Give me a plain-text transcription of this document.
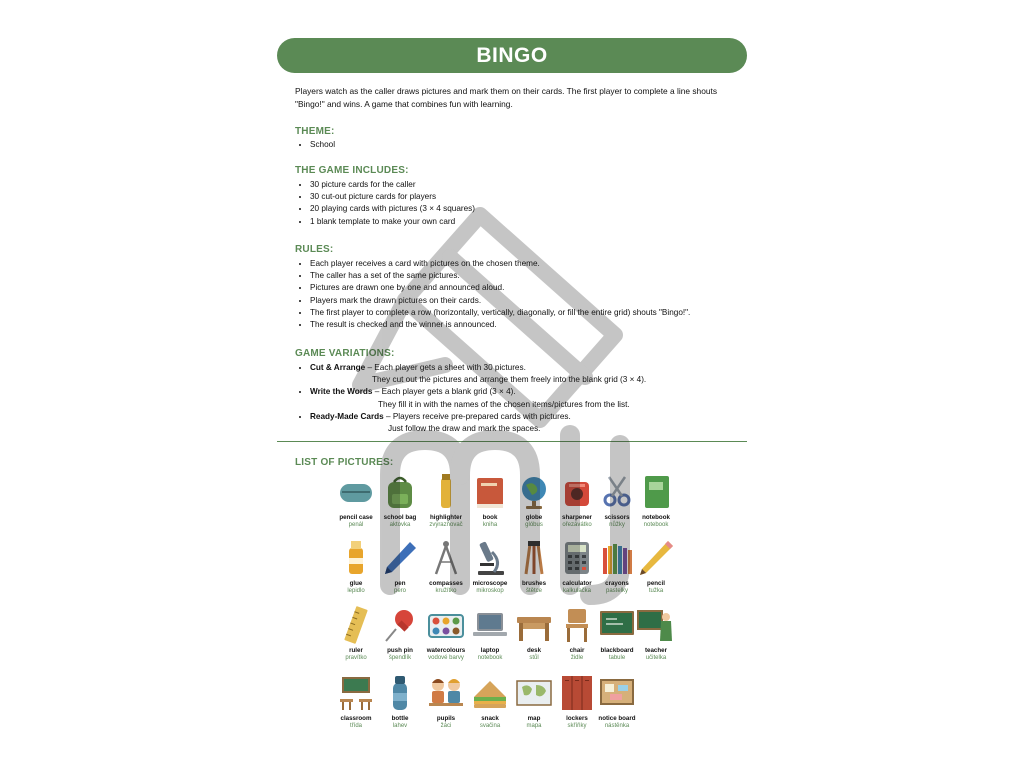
BINGO
Players watch as the caller draws pictures and mark them on their cards. The first player to complete a line shouts "Bingo!" and wins. A game that combines fun with learning.
THEME:
• School
THE GAME INCLUDES:
• 30 picture cards for the caller
• 30 cut-out picture cards for players
• 20 playing cards with pictures (3 × 4 squares)
• 1 blank template to make your own card
RULES:
• Each player receives a card with pictures on the chosen theme.
• The caller has a set of the same pictures.
• Pictures are drawn one by one and announced aloud.
• Players mark the drawn pictures on their cards.
• The first player to complete a row (horizontally, vertically, diagonally, or fill the entire grid) shouts "Bingo!".
• The result is checked and the winner is announced.
GAME VARIATIONS:
• Cut & Arrange – Each player gets a sheet with 30 pictures.
They cut out the pictures and arrange them freely into the blank grid (3 × 4).
• Write the Words – Each player gets a blank grid (3 × 4).
They fill it in with the names of the chosen items/pictures from the list.
• Ready-Made Cards – Players receive pre-prepared cards with pictures.
Just follow the draw and mark the spaces.
LIST OF PICTURES:
pencil case
penál
school bag
aktovka
highlighter
zvýrazňovač
book
kniha
globe
glóbus
sharpener
ořezávátko
scissors
nůžky
notebook
notebook
glue
lepidlo
pen
pero
compasses
kružítko
microscope
mikroskop
brushes
štětce
calculator
kalkulačka
crayons
pastelky
pencil
tužka
ruler
pravítko
push pin
špendlík
watercolours
vodové barvy
laptop
notebook
desk
stůl
chair
židle
blackboard
tabule
teacher
učitelka
classroom
třída
bottle
lahev
pupils
žáci
snack
svačina
map
mapa
lockers
skříňky
notice board
nástěnka
